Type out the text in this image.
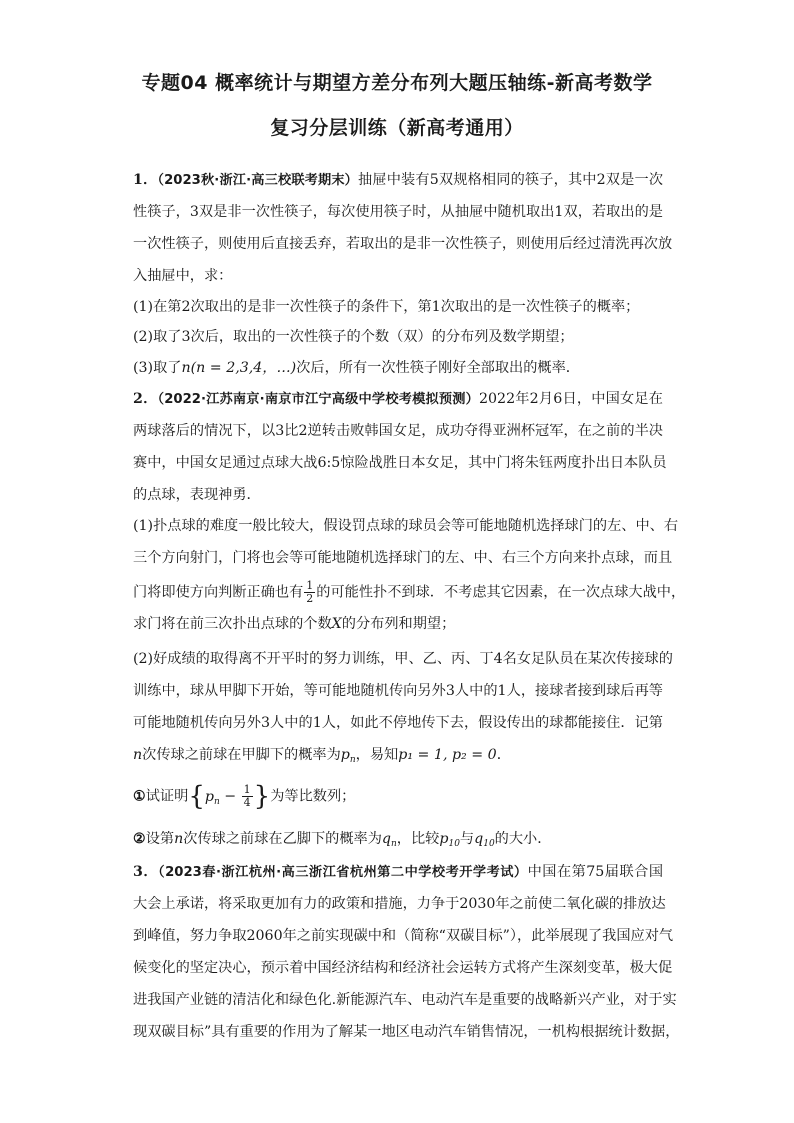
专题04 概率统计与期望方差分布列大题压轴练-新高考数学
复习分层训练（新高考通用）
1．（2023秋·浙江·高三校联考期末）抽屉中装有5双规格相同的筷子，其中2双是一次
性筷子，3双是非一次性筷子，每次使用筷子时，从抽屉中随机取出1双，若取出的是
一次性筷子，则使用后直接丢弃，若取出的是非一次性筷子，则使用后经过清洗再次放
入抽屉中，求：
(1)在第2次取出的是非一次性筷子的条件下，第1次取出的是一次性筷子的概率；
(2)取了3次后，取出的一次性筷子的个数（双）的分布列及数学期望；
(3)取了n(n = 2,3,4，…)次后，所有一次性筷子刚好全部取出的概率．
2．（2022·江苏南京·南京市江宁高级中学校考模拟预测）2022年2月6日，中国女足在
两球落后的情况下，以3比2逆转击败韩国女足，成功夺得亚洲杯冠军，在之前的半决
赛中，中国女足通过点球大战6:5惊险战胜日本女足，其中门将朱钰两度扑出日本队员
的点球，表现神勇．
(1)扑点球的难度一般比较大，假设罚点球的球员会等可能地随机选择球门的左、中、右
三个方向射门，门将也会等可能地随机选择球门的左、中、右三个方向来扑点球，而且
门将即使方向判断正确也有 $\frac{1}{2}$ 的可能性扑不到球．不考虑其它因素，在一次点球大战中，
求门将在前三次扑出点球的个数X的分布列和期望；
(2)好成绩的取得离不开平时的努力训练，甲、乙、丙、丁4名女足队员在某次传接球的
训练中，球从甲脚下开始，等可能地随机传向另外3人中的1人，接球者接到球后再等
可能地随机传向另外3人中的1人，如此不停地传下去，假设传出的球都能接住．记第
n次传球之前球在甲脚下的概率为$p_n$，易知p₁ = 1, p₂ = 0．
①试证明{$p_n - \frac{1}{4}$ }为等比数列；
②设第n次传球之前球在乙脚下的概率为$q_n$，比较$p_{10}$与$q_{10}$的大小．
3．（2023春·浙江杭州·高三浙江省杭州第二中学校考开学考试）中国在第75届联合国
大会上承诺，将采取更加有力的政策和措施，力争于2030年之前使二氧化碳的排放达
到峰值，努力争取2060年之前实现碳中和（简称“双碳目标”），此举展现了我国应对气
候变化的坚定决心，预示着中国经济结构和经济社会运转方式将产生深刻变革，极大促
进我国产业链的清洁化和绿色化.新能源汽车、电动汽车是重要的战略新兴产业，对于实
现双碳目标”具有重要的作用为了解某一地区电动汽车销售情况，一机构根据统计数据，
